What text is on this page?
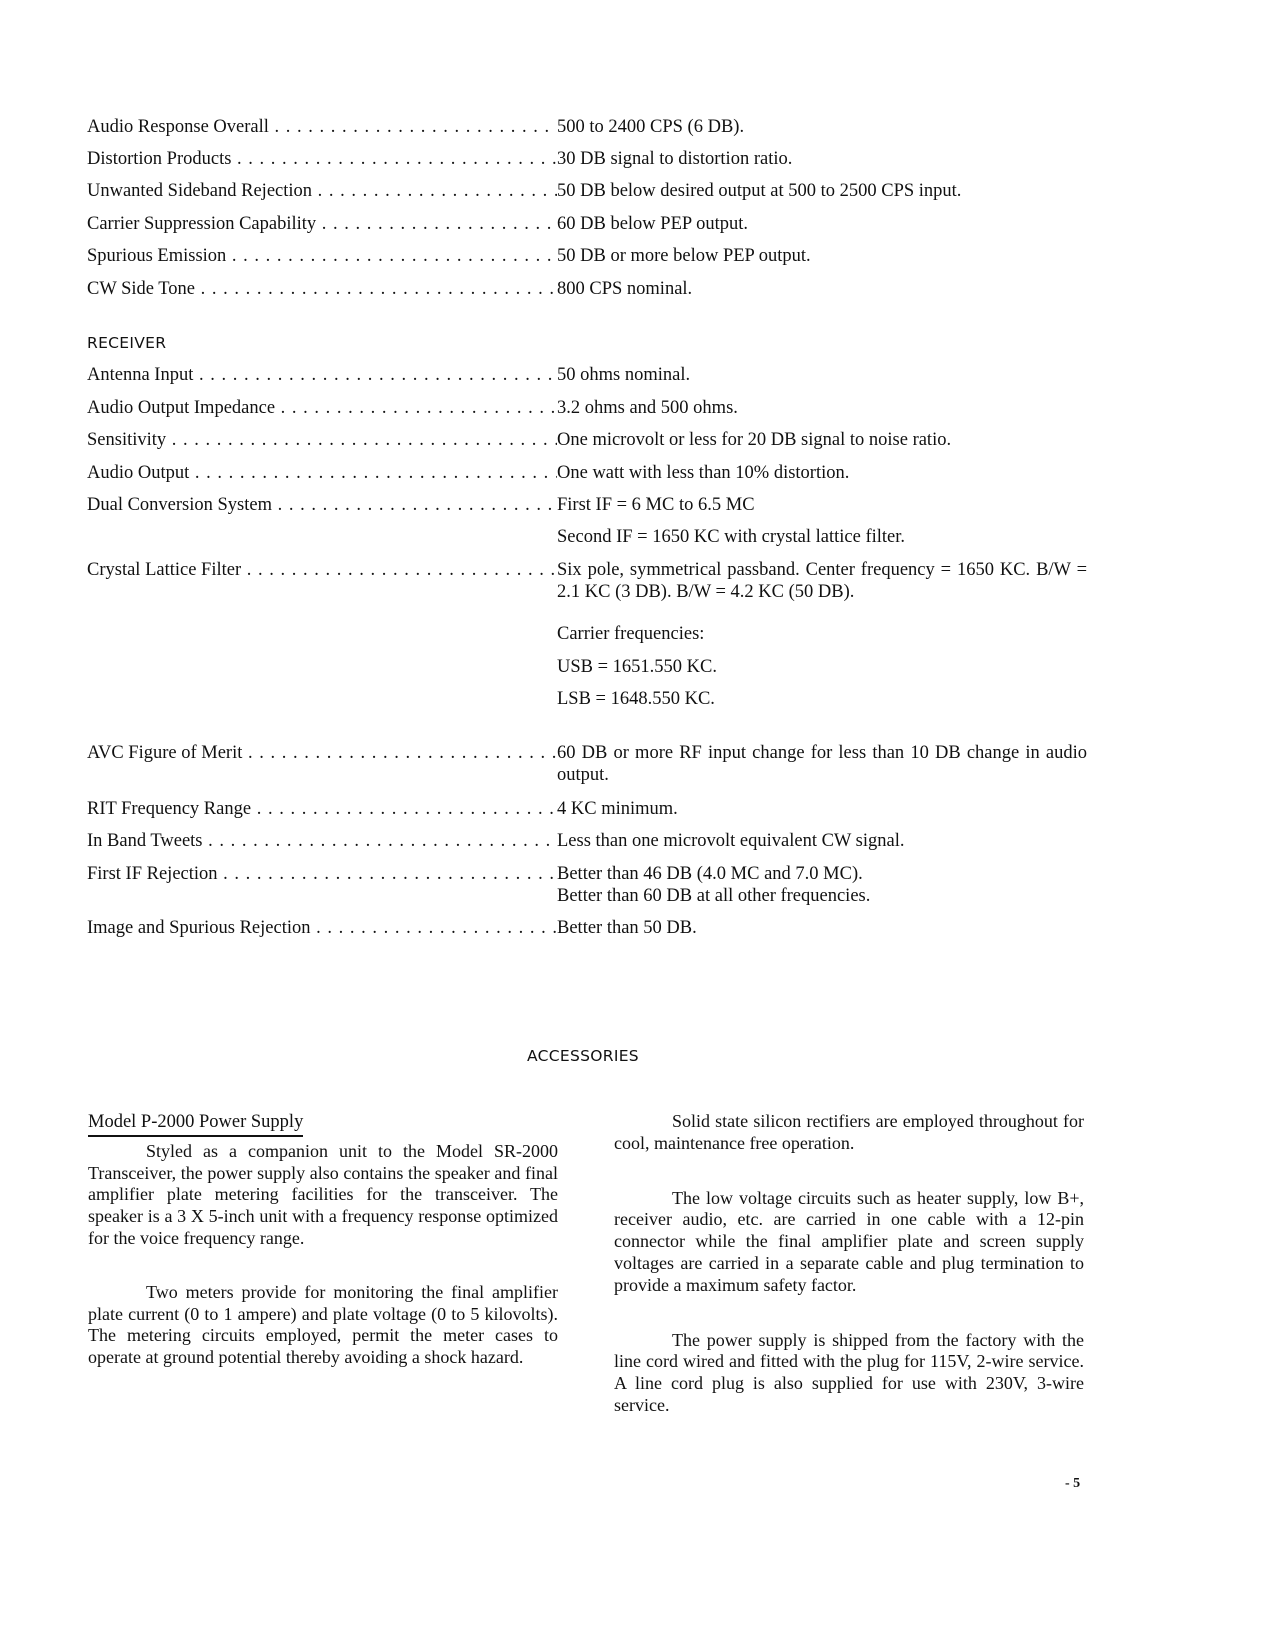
Audio Response Overall . . .	500 to 2400 CPS (6 DB).
Distortion Products . . .	30 DB signal to distortion ratio.
Unwanted Sideband Rejection . . .	50 DB below desired output at 500 to 2500 CPS input.
Carrier Suppression Capability . . .	60 DB below PEP output.
Spurious Emission . . .	50 DB or more below PEP output.
CW Side Tone . . .	800 CPS nominal.
RECEIVER
Antenna Input . . .	50 ohms nominal.
Audio Output Impedance . . .	3.2 ohms and 500 ohms.
Sensitivity . . .	One microvolt or less for 20 DB signal to noise ratio.
Audio Output . . .	One watt with less than 10% distortion.
Dual Conversion System . . .	First IF = 6 MC to 6.5 MC
Second IF = 1650 KC with crystal lattice filter.
Crystal Lattice Filter . . .	Six pole, symmetrical passband. Center frequency = 1650 KC. B/W = 2.1 KC (3 DB). B/W = 4.2 KC (50 DB).
Carrier frequencies:
USB = 1651.550 KC.
LSB = 1648.550 KC.
AVC Figure of Merit . . .	60 DB or more RF input change for less than 10 DB change in audio output.
RIT Frequency Range . . .	4 KC minimum.
In Band Tweets . . .	Less than one microvolt equivalent CW signal.
First IF Rejection . . .	Better than 46 DB (4.0 MC and 7.0 MC).
Better than 60 DB at all other frequencies.
Image and Spurious Rejection . . .	Better than 50 DB.
ACCESSORIES
Model P-2000 Power Supply

Styled as a companion unit to the Model SR-2000 Transceiver, the power supply also contains the speaker and final amplifier plate metering facilities for the transceiver. The speaker is a 3 X 5-inch unit with a frequency response optimized for the voice frequency range.

Two meters provide for monitoring the final amplifier plate current (0 to 1 ampere) and plate voltage (0 to 5 kilovolts). The metering circuits employed, permit the meter cases to operate at ground potential thereby avoiding a shock hazard.

Solid state silicon rectifiers are employed throughout for cool, maintenance free operation.

The low voltage circuits such as heater supply, low B+, receiver audio, etc. are carried in one cable with a 12-pin connector while the final amplifier plate and screen supply voltages are carried in a separate cable and plug termination to provide a maximum safety factor.

The power supply is shipped from the factory with the line cord wired and fitted with the plug for 115V, 2-wire service. A line cord plug is also supplied for use with 230V, 3-wire service.

- 5
